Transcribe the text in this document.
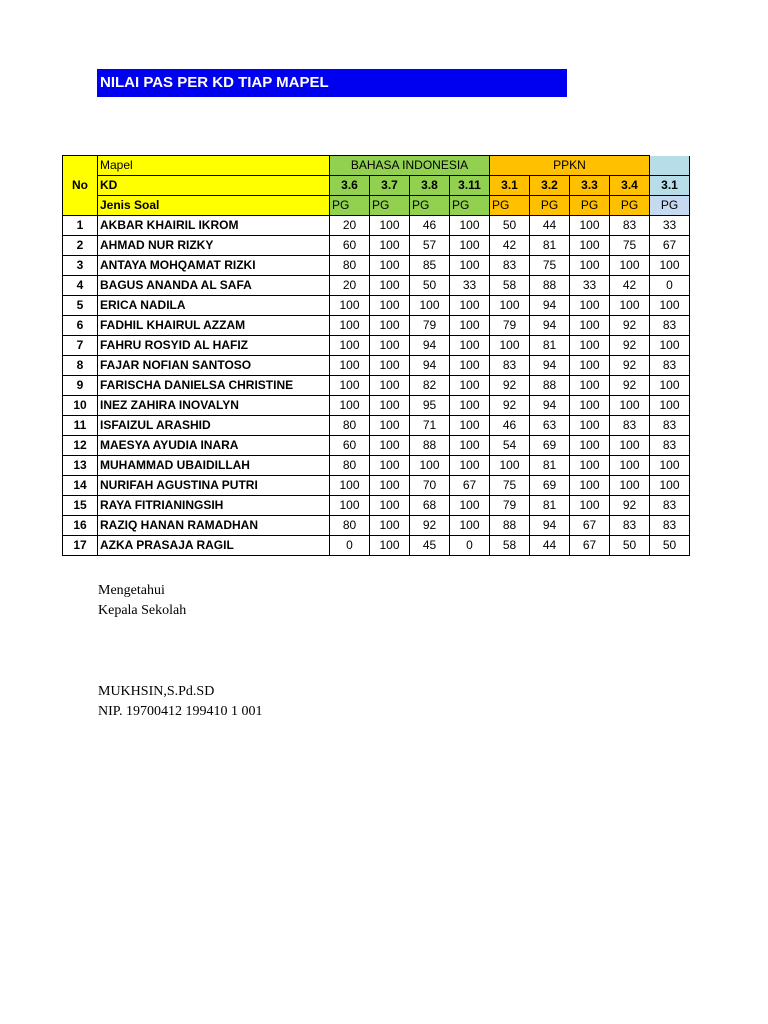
NILAI PAS PER KD TIAP MAPEL
No	Mapel	BAHASA INDONESIA				PPKN				
	KD	3.6	3.7	3.8	3.11	3.1	3.2	3.3	3.4	3.1
	Jenis Soal	PG	PG	PG	PG	PG	PG	PG	PG	PG
1	AKBAR KHAIRIL IKROM	20	100	46	100	50	44	100	83	33
2	AHMAD NUR RIZKY	60	100	57	100	42	81	100	75	67
3	ANTAYA MOHQAMAT RIZKI	80	100	85	100	83	75	100	100	100
4	BAGUS ANANDA AL SAFA	20	100	50	33	58	88	33	42	0
5	ERICA NADILA	100	100	100	100	100	94	100	100	100
6	FADHIL KHAIRUL AZZAM	100	100	79	100	79	94	100	92	83
7	FAHRU ROSYID AL HAFIZ	100	100	94	100	100	81	100	92	100
8	FAJAR NOFIAN SANTOSO	100	100	94	100	83	94	100	92	83
9	FARISCHA DANIELSA CHRISTINE	100	100	82	100	92	88	100	92	100
10	INEZ ZAHIRA INOVALYN	100	100	95	100	92	94	100	100	100
11	ISFAIZUL ARASHID	80	100	71	100	46	63	100	83	83
12	MAESYA AYUDIA INARA	60	100	88	100	54	69	100	100	83
13	MUHAMMAD UBAIDILLAH	80	100	100	100	100	81	100	100	100
14	NURIFAH AGUSTINA PUTRI	100	100	70	67	75	69	100	100	100
15	RAYA FITRIANINGSIH	100	100	68	100	79	81	100	92	83
16	RAZIQ HANAN RAMADHAN	80	100	92	100	88	94	67	83	83
17	AZKA PRASAJA RAGIL	0	100	45	0	58	44	67	50	50
Mengetahui
Kepala Sekolah
MUKHSIN,S.Pd.SD
NIP. 19700412 199410 1 001
